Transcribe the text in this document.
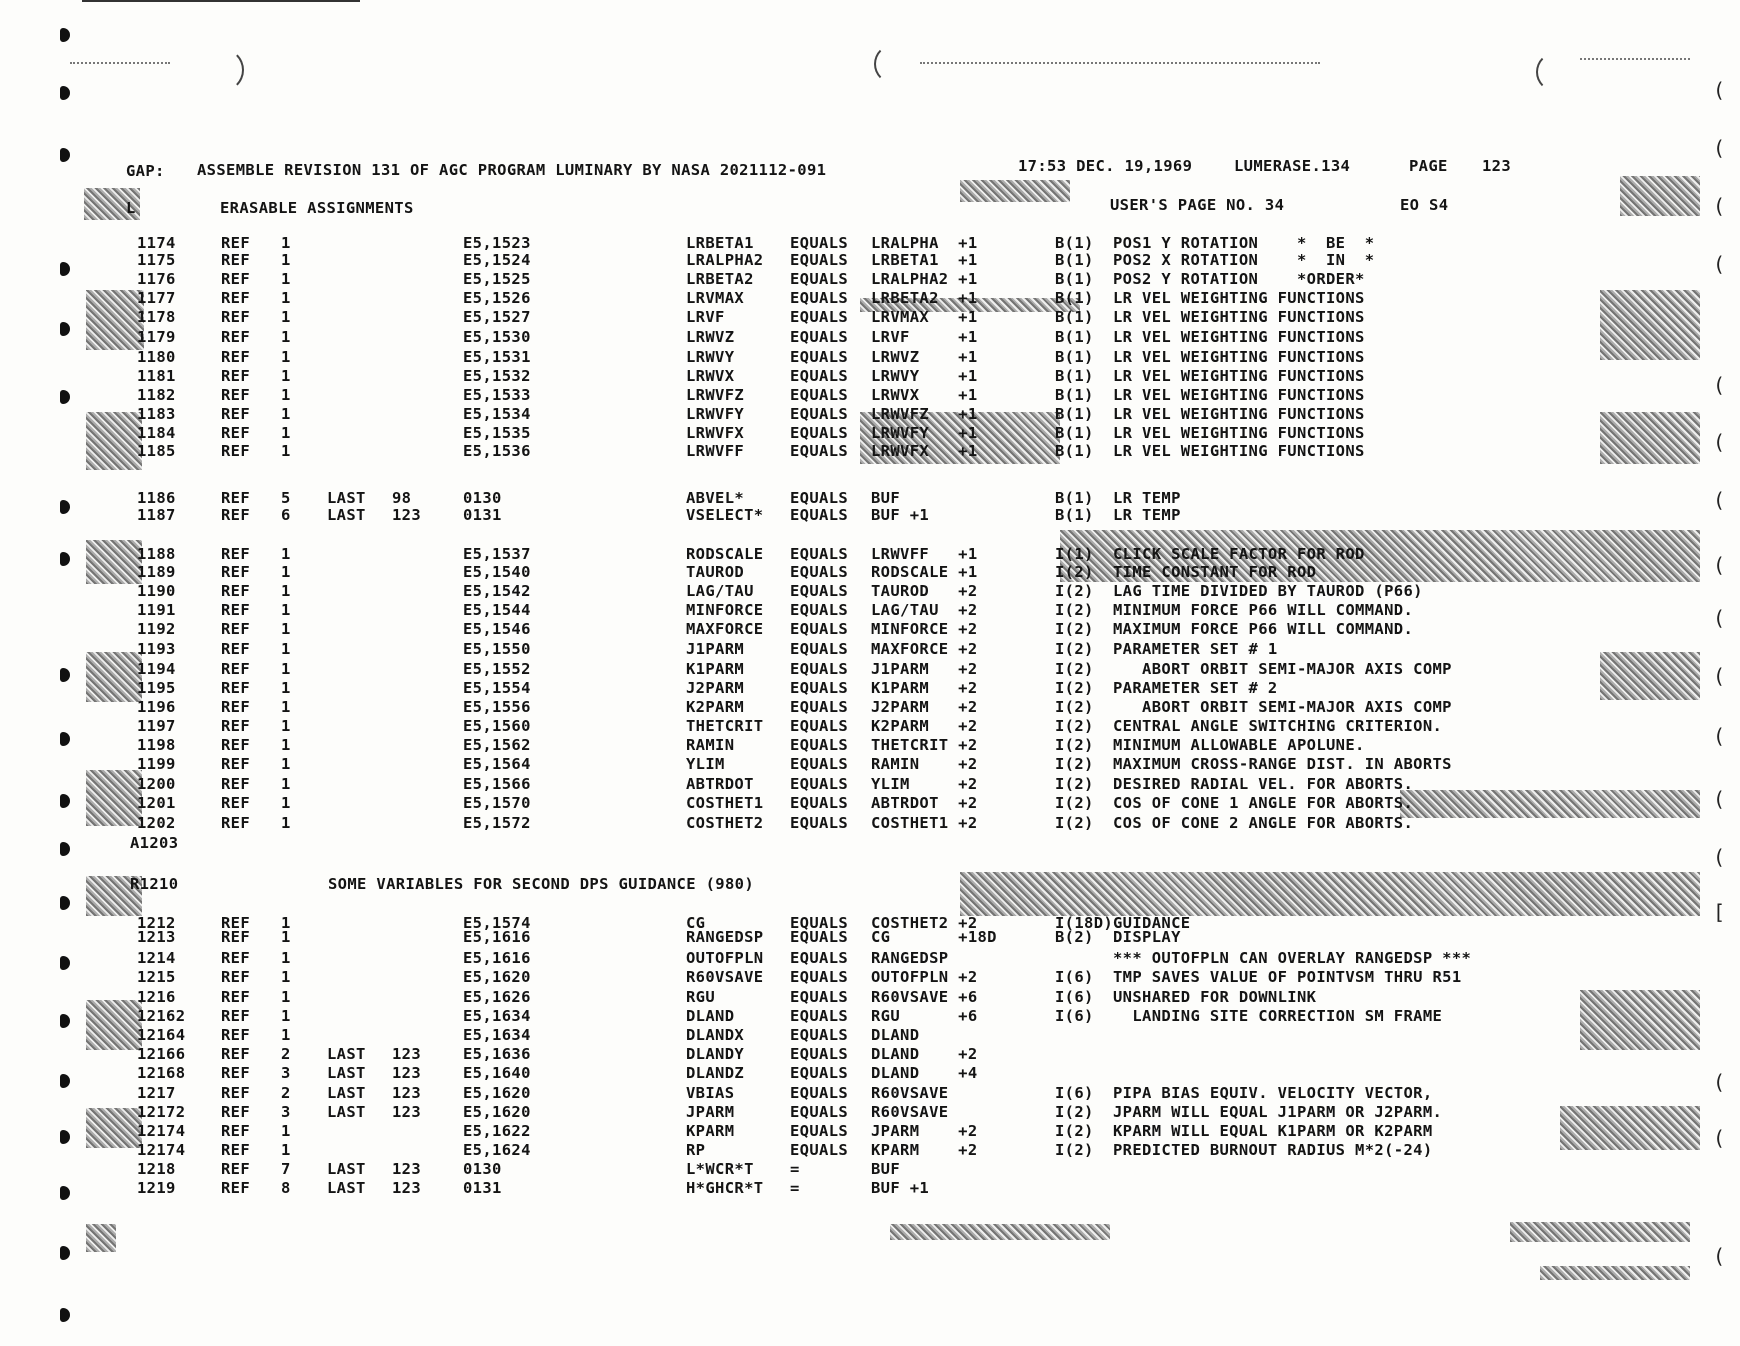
(
(
(
(
(
(
(
(
(
(
(
(
(
[
(
(
(
GAP: ASSEMBLE REVISION 131 OF AGC PROGRAM LUMINARY BY NASA 2021112-091	17:53 DEC. 19,1969	LUMERASE.134	PAGE 123
L	ERASABLE ASSIGNMENTS	USER'S PAGE NO. 34	EO S4
1174	REF 1	E5,1523	LRBETA1 EQUALS LRALPHA  +1	B(1) POS1 Y ROTATION    *  BE  *
1175	REF 1	E5,1524	LRALPHA2 EQUALS LRBETA1  +1	B(1) POS2 X ROTATION    *  IN  *
1176	REF 1	E5,1525	LRBETA2 EQUALS LRALPHA2 +1	B(1) POS2 Y ROTATION    *ORDER*
1177	REF 1	E5,1526	LRVMAX	EQUALS LRBETA2  +1	B(1) LR VEL WEIGHTING FUNCTIONS
1178	REF 1	E5,1527	LRVF	EQUALS LRVMAX   +1	B(1) LR VEL WEIGHTING FUNCTIONS
1179	REF 1	E5,1530	LRWVZ	EQUALS LRVF     +1	B(1) LR VEL WEIGHTING FUNCTIONS
1180	REF 1	E5,1531	LRWVY	EQUALS LRWVZ    +1	B(1) LR VEL WEIGHTING FUNCTIONS
1181	REF 1	E5,1532	LRWVX	EQUALS LRWVY    +1	B(1) LR VEL WEIGHTING FUNCTIONS
1182	REF 1	E5,1533	LRWVFZ	EQUALS LRWVX    +1	B(1) LR VEL WEIGHTING FUNCTIONS
1183	REF 1	E5,1534	LRWVFY	EQUALS LRWVFZ   +1	B(1) LR VEL WEIGHTING FUNCTIONS
1184	REF 1	E5,1535	LRWVFX	EQUALS LRWVFY   +1	B(1) LR VEL WEIGHTING FUNCTIONS
1185	REF 1	E5,1536	LRWVFF	EQUALS LRWVFX   +1	B(1) LR VEL WEIGHTING FUNCTIONS
1186	REF 5 LAST 98	0130	ABVEL*	EQUALS BUF	B(1) LR TEMP
1187	REF 6 LAST 123	0131	VSELECT* EQUALS BUF +1	B(1) LR TEMP
1188	REF 1	E5,1537	RODSCALE EQUALS LRWVFF   +1	I(1) CLICK SCALE FACTOR FOR ROD
1189	REF 1	E5,1540	TAUROD	EQUALS RODSCALE +1	I(2) TIME CONSTANT FOR ROD
1190	REF 1	E5,1542	LAG/TAU EQUALS TAUROD   +2	I(2) LAG TIME DIVIDED BY TAUROD (P66)
1191	REF 1	E5,1544	MINFORCE EQUALS LAG/TAU  +2	I(2) MINIMUM FORCE P66 WILL COMMAND.
1192	REF 1	E5,1546	MAXFORCE EQUALS MINFORCE +2	I(2) MAXIMUM FORCE P66 WILL COMMAND.
1193	REF 1	E5,1550	J1PARM	EQUALS MAXFORCE +2	I(2) PARAMETER SET # 1
1194	REF 1	E5,1552	K1PARM	EQUALS J1PARM   +2	I(2) ABORT ORBIT SEMI-MAJOR AXIS COMP
1195	REF 1	E5,1554	J2PARM	EQUALS K1PARM   +2	I(2) PARAMETER SET # 2
1196	REF 1	E5,1556	K2PARM	EQUALS J2PARM   +2	I(2) ABORT ORBIT SEMI-MAJOR AXIS COMP
1197	REF 1	E5,1560	THETCRIT EQUALS K2PARM   +2	I(2) CENTRAL ANGLE SWITCHING CRITERION.
1198	REF 1	E5,1562	RAMIN	EQUALS THETCRIT +2	I(2) MINIMUM ALLOWABLE APOLUNE.
1199	REF 1	E5,1564	YLIM	EQUALS RAMIN    +2	I(2) MAXIMUM CROSS-RANGE DIST. IN ABORTS
1200	REF 1	E5,1566	ABTRDOT EQUALS YLIM     +2	I(2) DESIRED RADIAL VEL. FOR ABORTS.
1201	REF 1	E5,1570	COSTHET1 EQUALS ABTRDOT  +2	I(2) COS OF CONE 1 ANGLE FOR ABORTS.
1202	REF 1	E5,1572	COSTHET2 EQUALS COSTHET1 +2	I(2) COS OF CONE 2 ANGLE FOR ABORTS.
A1203
R1210	SOME VARIABLES FOR SECOND DPS GUIDANCE (980)
1212	REF 1	E5,1574	CG	EQUALS COSTHET2 +2	I(18D) GUIDANCE
1213	REF 1	E5,1616	RANGEDSP EQUALS CG       +18D	B(2) DISPLAY
1214	REF 1	E5,1616	OUTOFPLN EQUALS RANGEDSP	*** OUTOFPLN CAN OVERLAY RANGEDSP ***
1215	REF 1	E5,1620	R60VSAVE EQUALS OUTOFPLN +2	I(6) TMP SAVES VALUE OF POINTVSM THRU R51
1216	REF 1	E5,1626	RGU	EQUALS R60VSAVE +6	I(6) UNSHARED FOR DOWNLINK
12162 REF 1	E5,1634	DLAND	EQUALS RGU      +6	I(6) LANDING SITE CORRECTION SM FRAME
12164 REF 1	E5,1634	DLANDX	EQUALS DLAND
12166 REF 2 LAST 123	E5,1636	DLANDY	EQUALS DLAND    +2
12168 REF 3 LAST 123	E5,1640	DLANDZ	EQUALS DLAND    +4
1217	REF 2 LAST 123	E5,1620	VBIAS	EQUALS R60VSAVE	I(6) PIPA BIAS EQUIV. VELOCITY VECTOR,
12172 REF 3 LAST 123	E5,1620	JPARM	EQUALS R60VSAVE	I(2) JPARM WILL EQUAL J1PARM OR J2PARM.
12174 REF 1	E5,1622	KPARM	EQUALS JPARM    +2	I(2) KPARM WILL EQUAL K1PARM OR K2PARM
12174 REF 1	E5,1624	RP	EQUALS KPARM    +2	I(2) PREDICTED BURNOUT RADIUS M*2(-24)
1218	REF 7 LAST 123	0130	L*WCR*T =	BUF
1219	REF 8 LAST 123	0131	H*GHCR*T =	BUF +1
